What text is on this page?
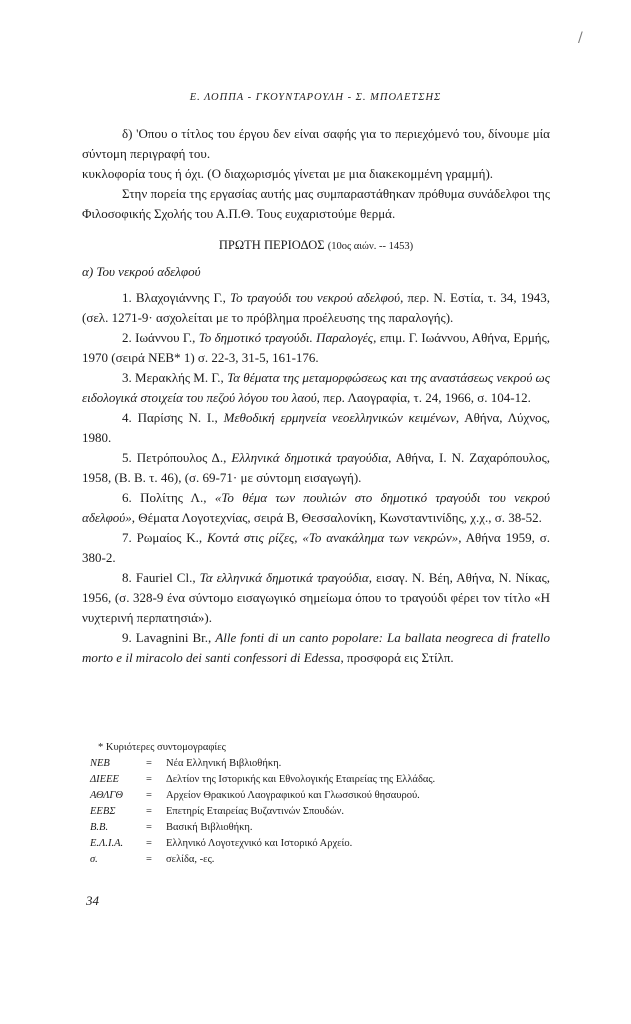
Ε. ΛΟΠΠΑ - ΓΚΟΥΝΤΑΡΟΥΛΗ - Σ. ΜΠΟΛΕΤΣΗΣ

δ) 'Οπου ο τίτλος του έργου δεν είναι σαφής για το περιεχόμενό του, δίνουμε μία σύντομη περιγραφή του.

κυκλοφορία τους ή όχι. (Ο διαχωρισμός γίνεται με μια διακεκομμένη γραμμή).

Στην πορεία της εργασίας αυτής μας συμπαραστάθηκαν πρόθυμα συνάδελφοι της Φιλοσοφικής Σχολής του Α.Π.Θ. Τους ευχαριστούμε θερμά.

ΠΡΩΤΗ ΠΕΡΙΟΔΟΣ (10ος αιών. -- 1453)

α) Του νεκρού αδελφού

1. Βλαχογιάννης Γ., Το τραγούδι του νεκρού αδελφού, περ. Ν. Εστία, τ. 34, 1943, (σελ. 1271-9· ασχολείται με το πρόβλημα προέλευσης της παραλογής).

2. Ιωάννου Γ., Το δημοτικό τραγούδι. Παραλογές, επιμ. Γ. Ιωάννου, Αθήνα, Ερμής, 1970 (σειρά ΝΕΒ* 1) σ. 22-3, 31-5, 161-176.

3. Μερακλής Μ. Γ., Τα θέματα της μεταμορφώσεως και της αναστάσεως νεκρού ως ειδολογικά στοιχεία του πεζού λόγου του λαού, περ. Λαογραφία, τ. 24, 1966, σ. 104-12.

4. Παρίσης Ν. Ι., Μεθοδική ερμηνεία νεοελληνικών κειμένων, Αθήνα, Λύχνος, 1980.

5. Πετρόπουλος Δ., Ελληνικά δημοτικά τραγούδια, Αθήνα, Ι. Ν. Ζαχαρόπουλος, 1958, (Β. Β. τ. 46), (σ. 69-71· με σύντομη εισαγωγή).

6. Πολίτης Λ., «Το θέμα των πουλιών στο δημοτικό τραγούδι του νεκρού αδελφού», Θέματα Λογοτεχνίας, σειρά Β, Θεσσαλονίκη, Κωνσταντινίδης, χ.χ., σ. 38-52.

7. Ρωμαίος Κ., Κοντά στις ρίζες, «Το ανακάλημα των νεκρών», Αθήνα 1959, σ. 380-2.

8. Fauriel Cl., Τα ελληνικά δημοτικά τραγούδια, εισαγ. Ν. Βέη, Αθήνα, Ν. Νίκας, 1956, (σ. 328-9 ένα σύντομο εισαγωγικό σημείωμα όπου το τραγούδι φέρει τον τίτλο «Η νυχτερινή περπατησιά»).

9. Lavagnini Br., Alle fonti di un canto popolare: La ballata neogreca di fratello morto e il miracolo dei santi confessori di Edessa, προσφορά εις Στίλπ.

* Κυριότερες συντομογραφίες
ΝΕΒ	=	Νέα Ελληνική Βιβλιοθήκη.
ΔΙΕΕΕ	=	Δελτίον της Ιστορικής και Εθνολογικής Εταιρείας της Ελλάδας.
ΑΘΛΓΘ	=	Αρχείον Θρακικού Λαογραφικού και Γλωσσικού θησαυρού.
ΕΕΒΣ	=	Επετηρίς Εταιρείας Βυζαντινών Σπουδών.
Β.Β.	=	Βασική Βιβλιοθήκη.
Ε.Λ.Ι.Α.	=	Ελληνικό Λογοτεχνικό και Ιστορικό Αρχείο.
σ.	=	σελίδα, -ες.
34
/
